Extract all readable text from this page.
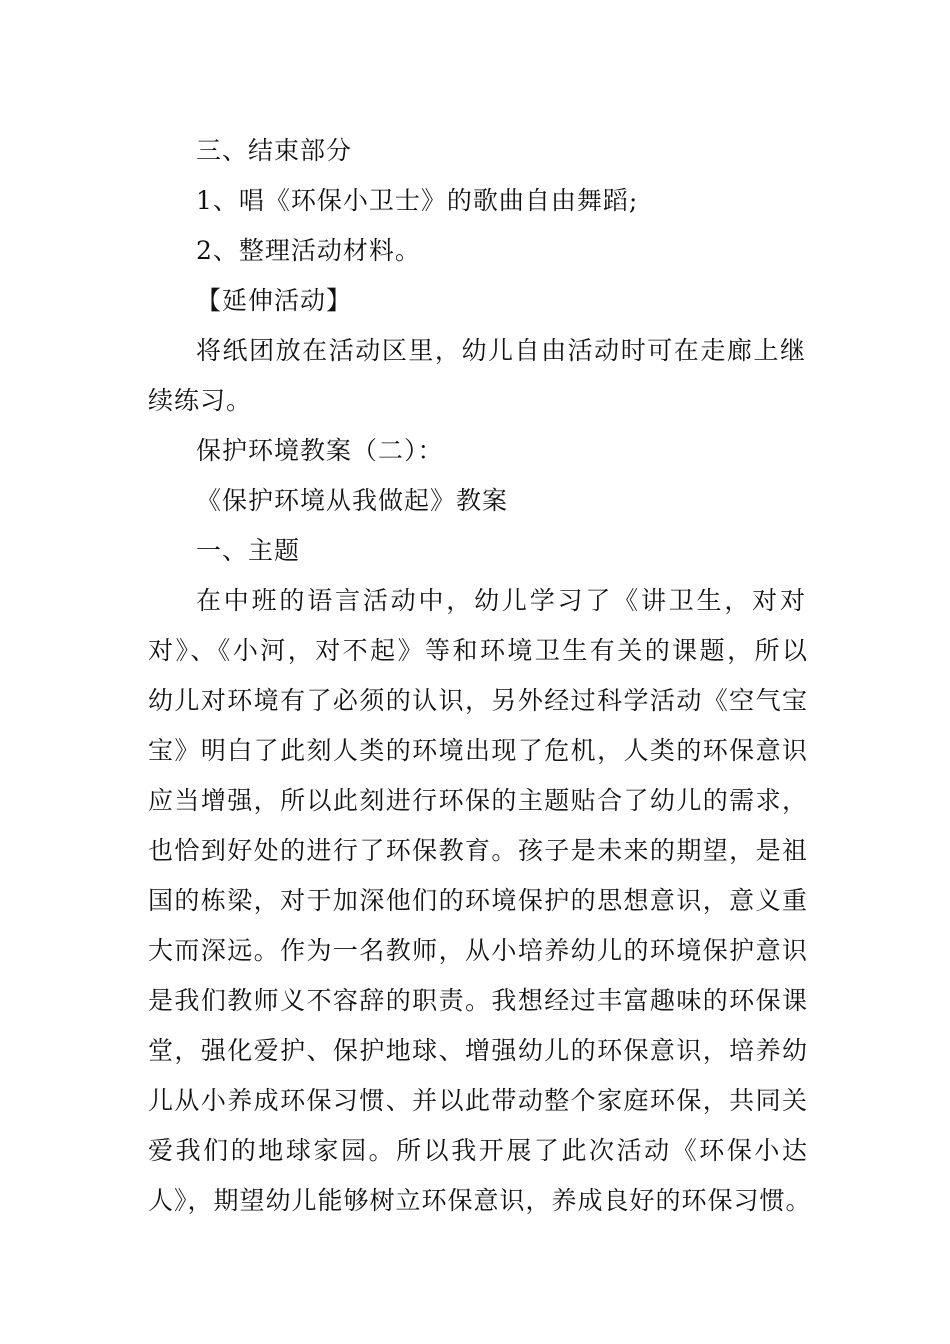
三、结束部分
1、唱《环保小卫士》的歌曲自由舞蹈;
2、整理活动材料。
【延伸活动】
将纸团放在活动区里，幼儿自由活动时可在走廊上继
续练习。
保护环境教案（二）：
《保护环境从我做起》教案
一、主题
在中班的语言活动中，幼儿学习了《讲卫生，对对
对》、《小河，对不起》等和环境卫生有关的课题，所以
幼儿对环境有了必须的认识，另外经过科学活动《空气宝
宝》明白了此刻人类的环境出现了危机，人类的环保意识
应当增强，所以此刻进行环保的主题贴合了幼儿的需求，
也恰到好处的进行了环保教育。孩子是未来的期望，是祖
国的栋梁，对于加深他们的环境保护的思想意识，意义重
大而深远。作为一名教师，从小培养幼儿的环境保护意识
是我们教师义不容辞的职责。我想经过丰富趣味的环保课
堂，强化爱护、保护地球、增强幼儿的环保意识，培养幼
儿从小养成环保习惯、并以此带动整个家庭环保，共同关
爱我们的地球家园。所以我开展了此次活动《环保小达
人》，期望幼儿能够树立环保意识，养成良好的环保习惯。
